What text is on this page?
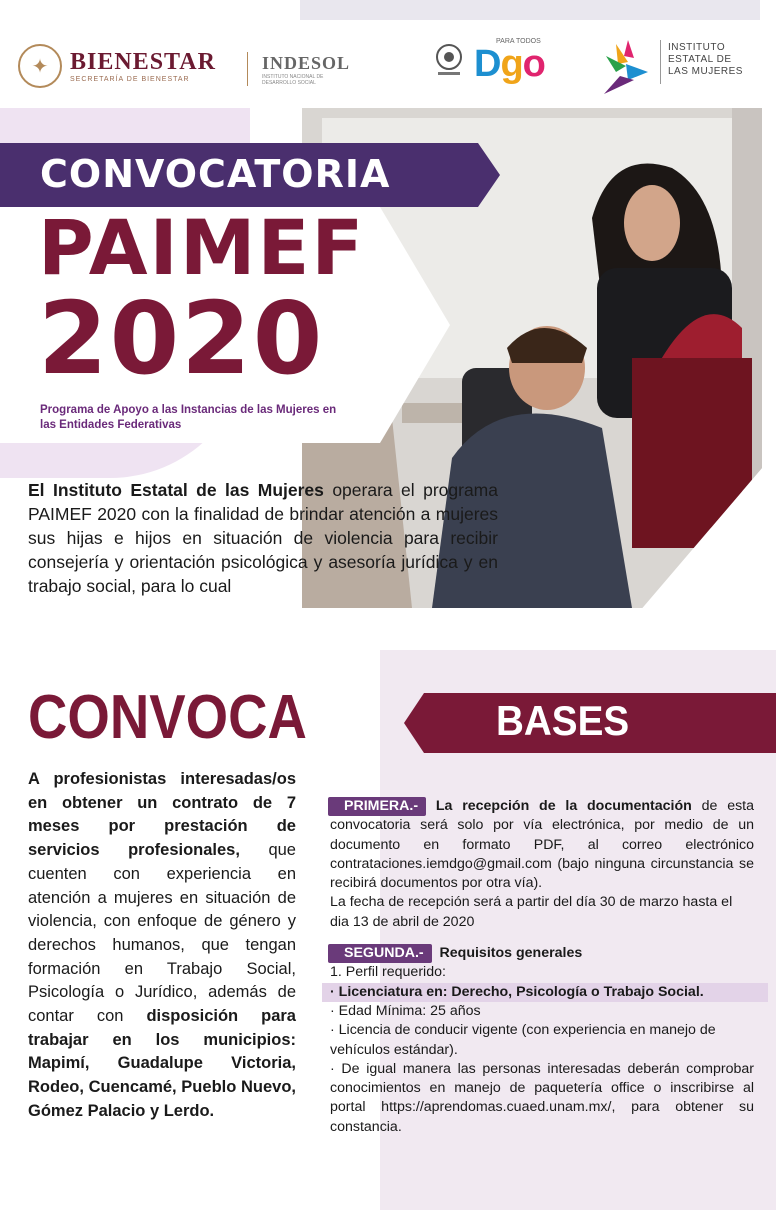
✦ BIENESTAR
SECRETARÍA DE BIENESTAR
INDESOL
INSTITUTO NACIONAL DE DESARROLLO SOCIAL
PARA TODOS
Dgo	INSTITUTO
ESTATAL DE
LAS MUJERES
CONVOCATORIA
PAIMEF
2020
Programa de Apoyo a las Instancias de las Mujeres en las Entidades Federativas

El Instituto Estatal de las Mujeres operara el programa PAIMEF 2020 con la finalidad de brindar atención a mujeres sus hijas e hijos en situación de violencia para recibir consejería y orientación psicológica y asesoría jurídica y en trabajo social, para lo cual

CONVOCA
A profesionistas interesadas/os en obtener un contrato de 7 meses por prestación de servicios profesionales, que cuenten con experiencia en atención a mujeres en situación de violencia, con enfoque de género y derechos humanos, que tengan formación en Trabajo Social, Psicología o Jurídico, además de contar con disposición para trabajar en los municipios: Mapimí, Guadalupe Victoria, Rodeo, Cuencamé, Pueblo Nuevo, Gómez Palacio y Lerdo.
BASES

PRIMERA.- La recepción de la documentación de esta convocatoria será solo por vía electrónica, por medio de un documento en formato PDF, al correo electrónico contrataciones.iemdgo@gmail.com (bajo ninguna circunstancia se recibirá documentos por otra vía).

La fecha de recepción será a partir del día 30 de marzo hasta el dia 13 de abril de 2020

SEGUNDA.- Requisitos generales

1. Perfil requerido:

· Licenciatura en: Derecho, Psicología o Trabajo Social.

· Edad Mínima: 25 años

· Licencia de conducir vigente (con experiencia en manejo de vehículos estándar).

· De igual manera las personas interesadas deberán comprobar conocimientos en manejo de paquetería office o inscribirse al portal https://aprendomas.cuaed.unam.mx/, para obtener su constancia.
